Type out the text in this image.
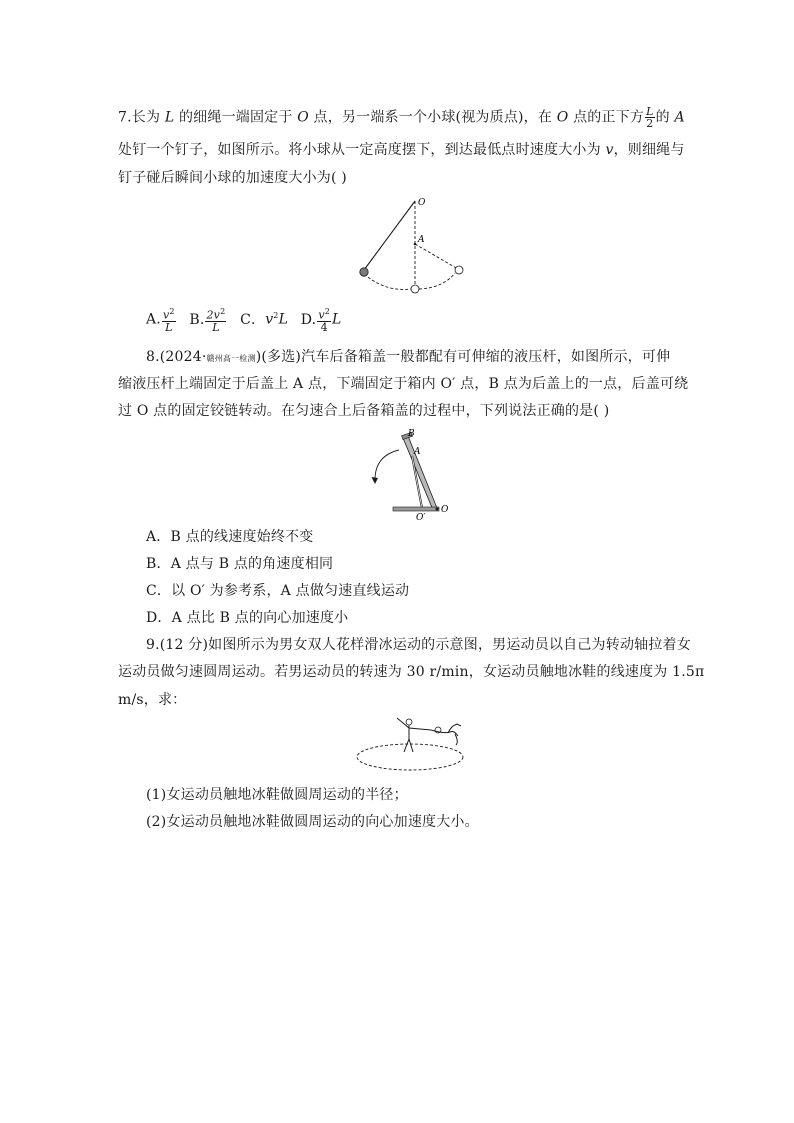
7.长为 L 的细绳一端固定于 O 点，另一端系一个小球(视为质点)，在 O 点的正下方 $\frac{L}{2}$ 的 A
处钉一个钉子，如图所示。将小球从一定高度摆下，到达最低点时速度大小为 v，则细绳与
钉子碰后瞬间小球的加速度大小为( )
O
A
A. $\frac{v^2}{L} B$. $\frac{2v^2}{L}$ C．$v^2L$ D. $\frac{v^2}{4}$ L
8.(2024·赣州高一检测)(多选)汽车后备箱盖一般都配有可伸缩的液压杆，如图所示，可伸
缩液压杆上端固定于后盖上 A 点，下端固定于箱内 O′ 点，B 点为后盖上的一点，后盖可绕
过 O 点的固定铰链转动。在匀速合上后备箱盖的过程中，下列说法正确的是( )
B
A
O
O′
A．B 点的线速度始终不变
B．A 点与 B 点的角速度相同
C．以 O′ 为参考系，A 点做匀速直线运动
D．A 点比 B 点的向心加速度小
9.(12 分)如图所示为男女双人花样滑冰运动的示意图，男运动员以自己为转动轴拉着女
运动员做匀速圆周运动。若男运动员的转速为 30 r/min，女运动员触地冰鞋的线速度为 1.5π
m/s，求：
(1)女运动员触地冰鞋做圆周运动的半径；
(2)女运动员触地冰鞋做圆周运动的向心加速度大小。
